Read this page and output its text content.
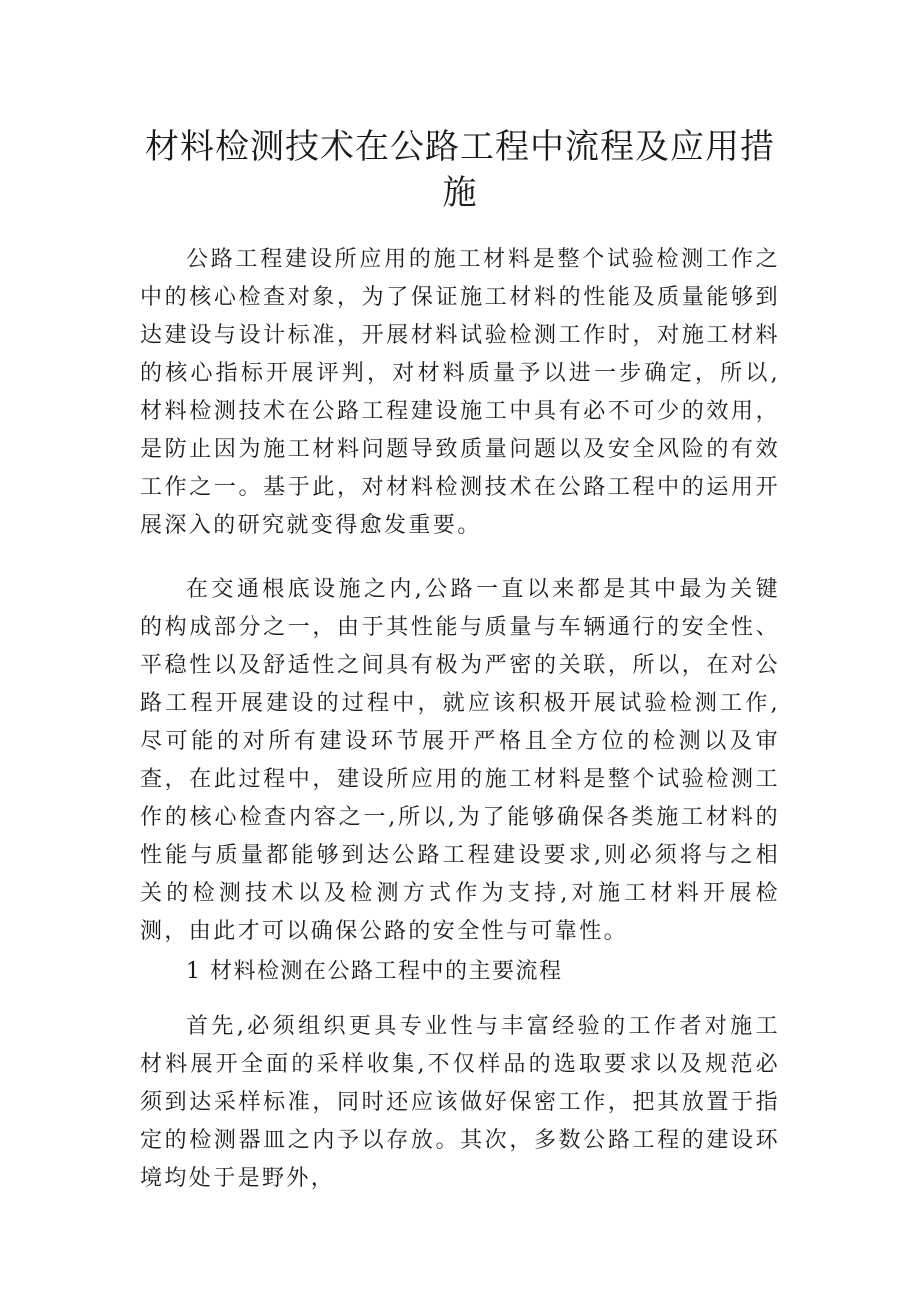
材料检测技术在公路工程中流程及应用措施

公路工程建设所应用的施工材料是整个试验检测工作之中的核心检查对象，为了保证施工材料的性能及质量能够到达建设与设计标准，开展材料试验检测工作时，对施工材料的核心指标开展评判，对材料质量予以进一步确定，所以,材料检测技术在公路工程建设施工中具有必不可少的效用，是防止因为施工材料问题导致质量问题以及安全风险的有效工作之一。基于此，对材料检测技术在公路工程中的运用开展深入的研究就变得愈发重要。

在交通根底设施之内,公路一直以来都是其中最为关键的构成部分之一，由于其性能与质量与车辆通行的安全性、平稳性以及舒适性之间具有极为严密的关联，所以，在对公路工程开展建设的过程中，就应该积极开展试验检测工作,尽可能的对所有建设环节展开严格且全方位的检测以及审查，在此过程中，建设所应用的施工材料是整个试验检测工作的核心检查内容之一,所以,为了能够确保各类施工材料的性能与质量都能够到达公路工程建设要求,则必须将与之相关的检测技术以及检测方式作为支持,对施工材料开展检测，由此才可以确保公路的安全性与可靠性。

1 材料检测在公路工程中的主要流程

首先,必须组织更具专业性与丰富经验的工作者对施工材料展开全面的采样收集,不仅样品的选取要求以及规范必须到达采样标准，同时还应该做好保密工作，把其放置于指定的检测器皿之内予以存放。其次，多数公路工程的建设环境均处于是野外，
